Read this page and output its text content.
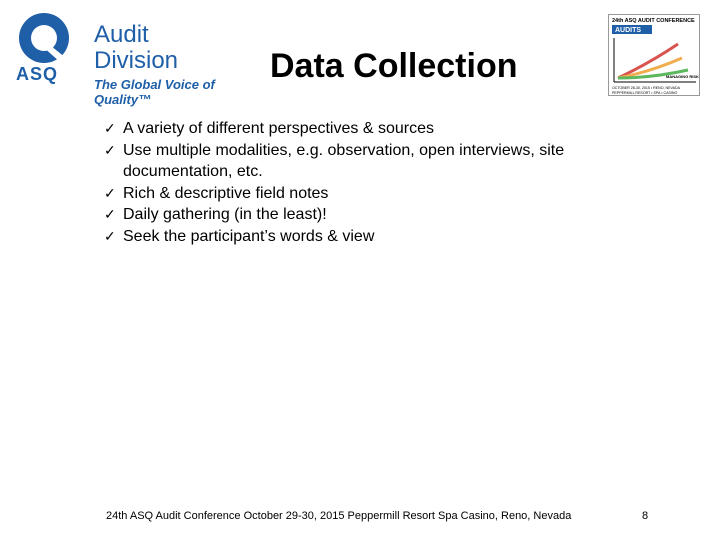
Audit
Division
The Global Voice of Quality™
ASQ	Data Collection
24th ASQ AUDIT CONFERENCE
AUDITS
MANAGING RISK
OCTOBER 28-30, 2015 • RENO, NEVADA
PEPPERMILL RESORT • SPA • CASINO
✓ A variety of different perspectives & sources
✓ Use multiple modalities, e.g. observation, open interviews, site documentation, etc.
✓ Rich & descriptive field notes
✓ Daily gathering (in the least)!
✓ Seek the participant’s words & view
24th ASQ Audit Conference October 29-30, 2015 Peppermill Resort Spa Casino, Reno, Nevada	8
